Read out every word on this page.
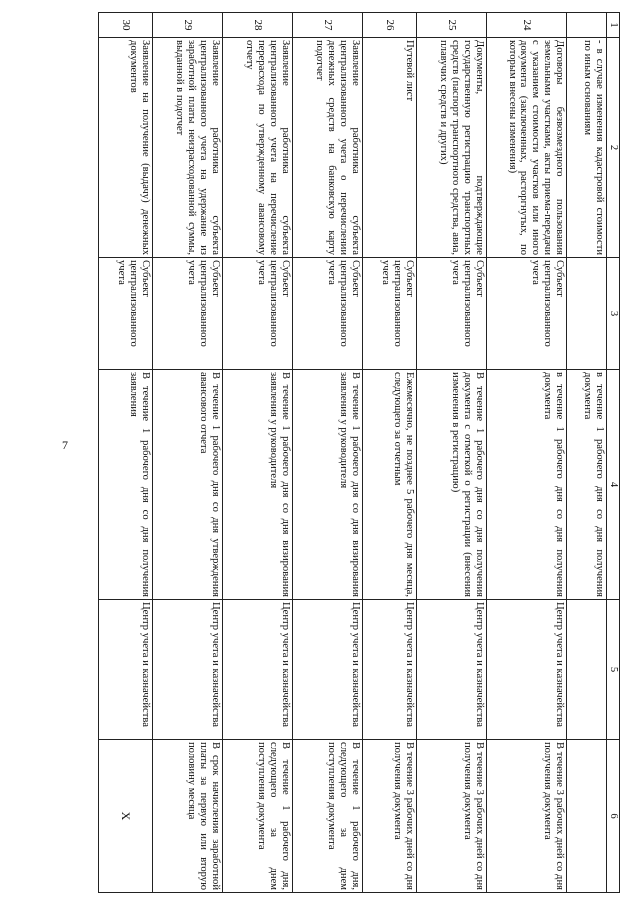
7
1	2	3	4	5	6
	- в случае изменения кадастровой стоимости по иным основаниям		в течение 1 рабочего дня со дня получения документа		
24	Договоры безвозмездного пользования земельными участками, акты приема-передачи с указанием стоимости участков или иного документа (заключенных, расторгнутых, по которым внесены изменения)	Субъект централизованного учета	в течение 1 рабочего дня со дня получения документа	Центр учета и казначейства	В течение 3 рабочих дней со дня получения документа
25	Документы, подтверждающие государственную регистрацию транспортных средств (паспорт транспортного средства, авиа, плавучих средств и других)	Субъект централизованного учета	В течение 1 рабочего дня со дня получения документа с отметкой о регистрации (внесения изменения в регистрацию)	Центр учета и казначейства	В течение 3 рабочих дней со дня получения документа
26	Путевой лист	Субъект централизованного учета	Ежемесячно, не позднее 5 рабочего дня месяца, следующего за отчетным	Центр учета и казначейства	В течение 3 рабочих дней со дня получения документа
27	Заявление работника субъекта централизованного учета о перечислении денежных средств на банковскую карту подотчет	Субъект централизованного учета	В течение 1 рабочего дня со дня визирования заявления у руководителя	Центр учета и казначейства	В течение 1 рабочего дня, следующего за днем поступления документа
28	Заявление работника субъекта централизованного учета на перечисление перерасхода по утвержденному авансовому отчету	Субъект централизованного учета	В течение 1 рабочего дня со дня визирования заявления у руководителя	Центр учета и казначейства	В течение 1 рабочего дня, следующего за днем поступления документа
29	Заявление работника субъекта централизованного учета на удержание из заработной платы неизрасходованной суммы, выданной в подотчет	Субъект централизованного учета	В течение 1 рабочего дня со дня утверждения авансового отчета	Центр учета и казначейства	В срок начисления заработной платы за первую или вторую половину месяца
30	Заявление на получение (выдачу) денежных документов	Субъект централизованного учета	В течение 1 рабочего дня со дня получения заявления	Центр учета и казначейства	X
